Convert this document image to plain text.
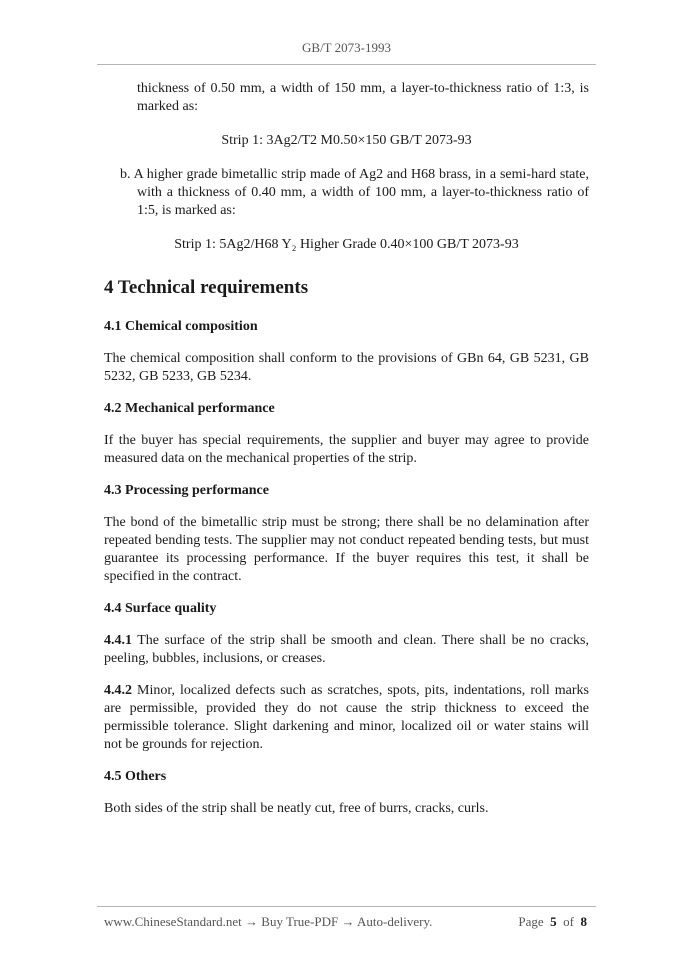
GB/T 2073-1993

thickness of 0.50 mm, a width of 150 mm, a layer-to-thickness ratio of 1:3, is marked as:

Strip 1: 3Ag2/T2 M0.50×150 GB/T 2073-93

b. A higher grade bimetallic strip made of Ag2 and H68 brass, in a semi-hard state, with a thickness of 0.40 mm, a width of 100 mm, a layer-to-thickness ratio of 1:5, is marked as:

Strip 1: 5Ag2/H68 Y₂ Higher Grade 0.40×100 GB/T 2073-93

4 Technical requirements
4.1 Chemical composition

The chemical composition shall conform to the provisions of GBn 64, GB 5231, GB 5232, GB 5233, GB 5234.

4.2 Mechanical performance

If the buyer has special requirements, the supplier and buyer may agree to provide measured data on the mechanical properties of the strip.

4.3 Processing performance

The bond of the bimetallic strip must be strong; there shall be no delamination after repeated bending tests. The supplier may not conduct repeated bending tests, but must guarantee its processing performance. If the buyer requires this test, it shall be specified in the contract.

4.4 Surface quality

4.4.1 The surface of the strip shall be smooth and clean. There shall be no cracks, peeling, bubbles, inclusions, or creases.

4.4.2 Minor, localized defects such as scratches, spots, pits, indentations, roll marks are permissible, provided they do not cause the strip thickness to exceed the permissible tolerance. Slight darkening and minor, localized oil or water stains will not be grounds for rejection.

4.5 Others

Both sides of the strip shall be neatly cut, free of burrs, cracks, curls.

www.ChineseStandard.net → Buy True-PDF → Auto-delivery.	Page 5 of 8
